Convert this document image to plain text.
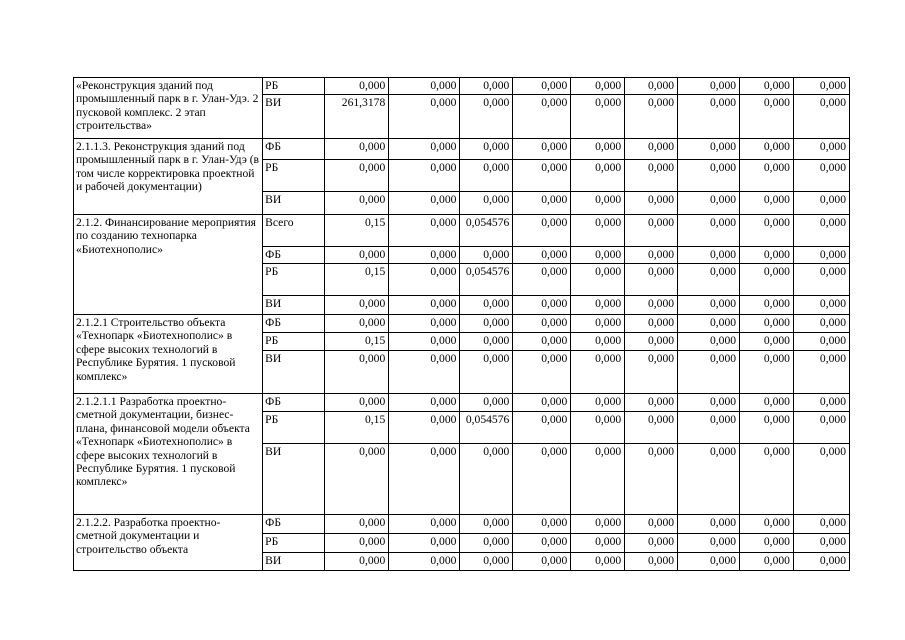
«Реконструкция зданий под промышленный парк в г. Улан-Удэ. 2 пусковой комплекс. 2 этап строительства»	РБ	0,000	0,000	0,000	0,000	0,000	0,000	0,000	0,000	0,000
	ВИ	261,3178	0,000	0,000	0,000	0,000	0,000	0,000	0,000	0,000
2.1.1.3. Реконструкция зданий под промышленный парк в г. Улан-Удэ (в том числе корректировка проектной и рабочей документации)	ФБ	0,000	0,000	0,000	0,000	0,000	0,000	0,000	0,000	0,000
	РБ	0,000	0,000	0,000	0,000	0,000	0,000	0,000	0,000	0,000
	ВИ	0,000	0,000	0,000	0,000	0,000	0,000	0,000	0,000	0,000
2.1.2. Финансирование мероприятия по созданию технопарка «Биотехнополис»	Всего	0,15	0,000	0,054576	0,000	0,000	0,000	0,000	0,000	0,000
	ФБ	0,000	0,000	0,000	0,000	0,000	0,000	0,000	0,000	0,000
	РБ	0,15	0,000	0,054576	0,000	0,000	0,000	0,000	0,000	0,000
	ВИ	0,000	0,000	0,000	0,000	0,000	0,000	0,000	0,000	0,000
2.1.2.1 Строительство объекта «Технопарк «Биотехнополис» в сфере высоких технологий в Республике Бурятия. 1 пусковой комплекс»	ФБ	0,000	0,000	0,000	0,000	0,000	0,000	0,000	0,000	0,000
	РБ	0,15	0,000	0,000	0,000	0,000	0,000	0,000	0,000	0,000
	ВИ	0,000	0,000	0,000	0,000	0,000	0,000	0,000	0,000	0,000
2.1.2.1.1 Разработка проектно-сметной документации, бизнес-плана, финансовой модели объекта «Технопарк «Биотехнополис» в сфере высоких технологий в Республике Бурятия. 1 пусковой комплекс»	ФБ	0,000	0,000	0,000	0,000	0,000	0,000	0,000	0,000	0,000
	РБ	0,15	0,000	0,054576	0,000	0,000	0,000	0,000	0,000	0,000
	ВИ	0,000	0,000	0,000	0,000	0,000	0,000	0,000	0,000	0,000
2.1.2.2. Разработка проектно-сметной документации и строительство объекта	ФБ	0,000	0,000	0,000	0,000	0,000	0,000	0,000	0,000	0,000
	РБ	0,000	0,000	0,000	0,000	0,000	0,000	0,000	0,000	0,000
	ВИ	0,000	0,000	0,000	0,000	0,000	0,000	0,000	0,000	0,000
